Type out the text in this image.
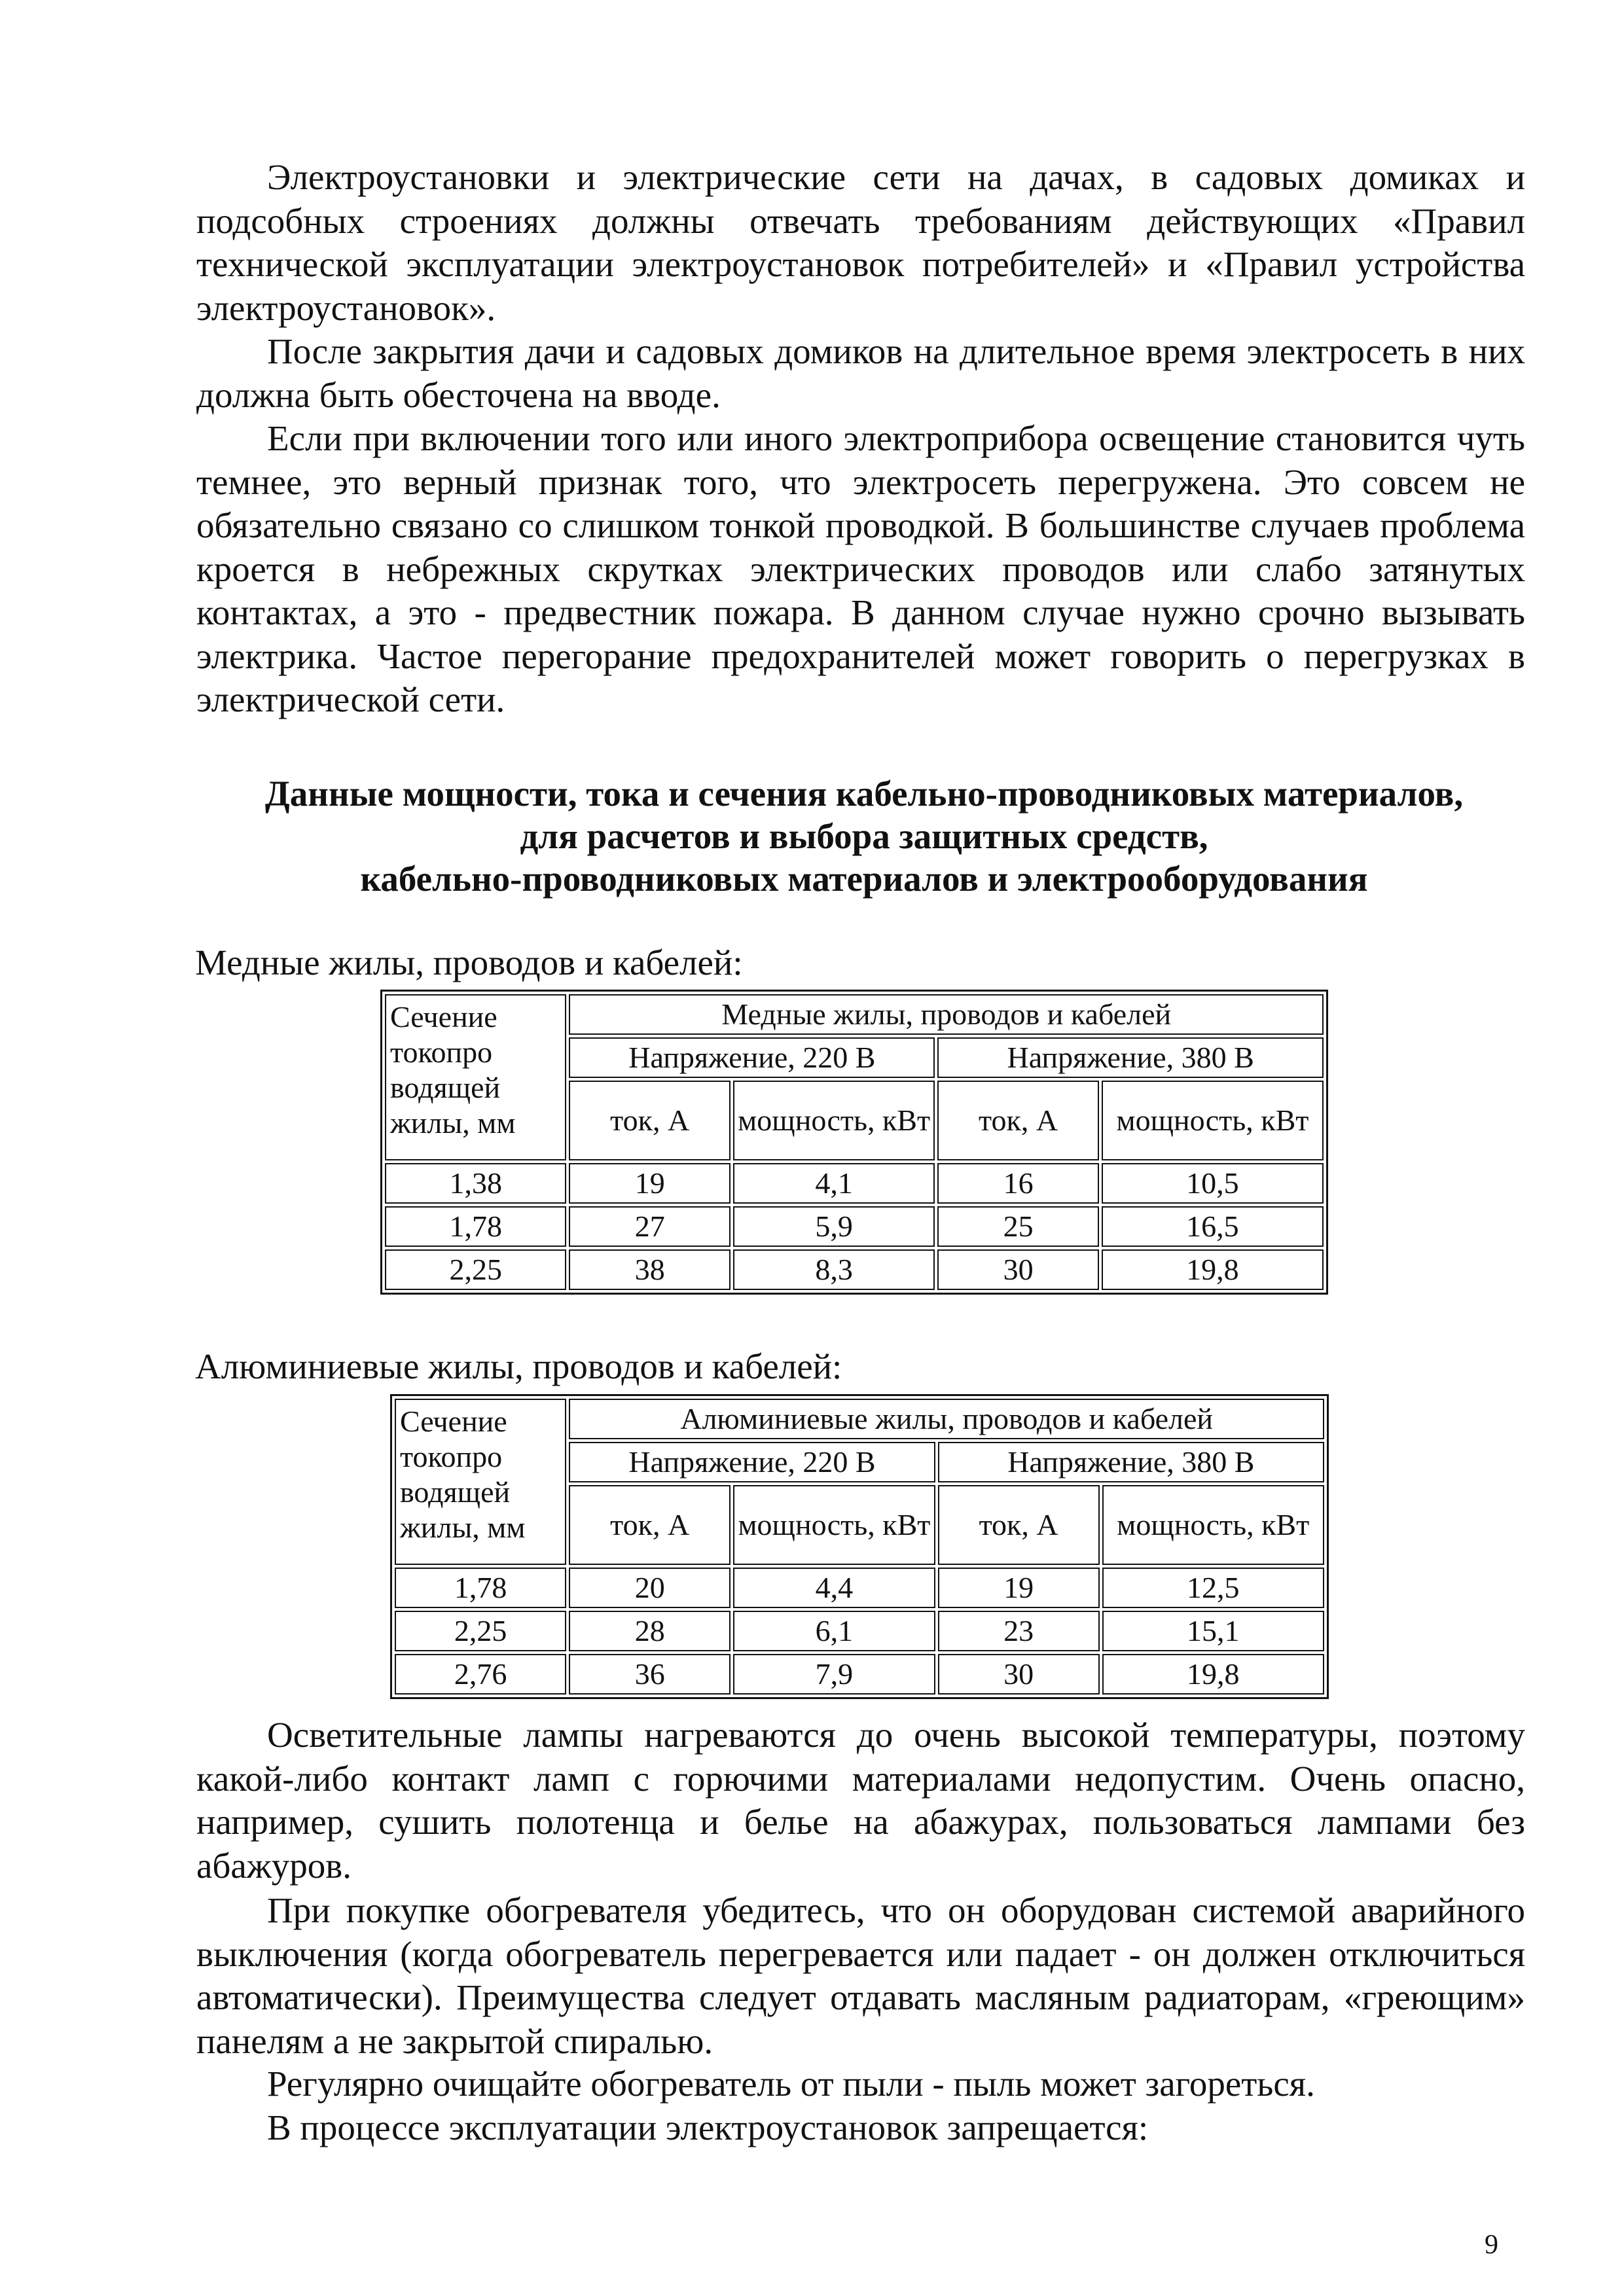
Электроустановки и электрические сети на дачах, в садовых домиках и подсобных строениях должны отвечать требованиям действующих «Правил технической эксплуатации электроустановок потребителей» и «Правил устройства электроустановок».

После закрытия дачи и садовых домиков на длительное время электросеть в них должна быть обесточена на вводе.

Если при включении того или иного электроприбора освещение становится чуть темнее, это верный признак того, что электросеть перегружена. Это совсем не обязательно связано со слишком тонкой проводкой. В большинстве случаев проблема кроется в небрежных скрутках электрических проводов или слабо затянутых контактах, а это - предвестник пожара. В данном случае нужно срочно вызывать электрика. Частое перегорание предохранителей может говорить о перегрузках в электрической сети.

Данные мощности, тока и сечения кабельно-проводниковых материалов,
для расчетов и выбора защитных средств,
кабельно-проводниковых материалов и электрооборудования

Медные жилы, проводов и кабелей:

Сечение токопро водящей жилы, мм	Медные жилы, проводов и кабелей			
	Напряжение, 220 В		Напряжение, 380 В	
	ток, А	мощность, кВт	ток, А	мощность, кВт
1,38	19	4,1	16	10,5
1,78	27	5,9	25	16,5
2,25	38	8,3	30	19,8

Алюминиевые жилы, проводов и кабелей:

Сечение токопро водящей жилы, мм	Алюминиевые жилы, проводов и кабелей			
	Напряжение, 220 В		Напряжение, 380 В	
	ток, А	мощность, кВт	ток, А	мощность, кВт
1,78	20	4,4	19	12,5
2,25	28	6,1	23	15,1
2,76	36	7,9	30	19,8

Осветительные лампы нагреваются до очень высокой температуры, поэтому какой-либо контакт ламп с горючими материалами недопустим. Очень опасно, например, сушить полотенца и белье на абажурах, пользоваться лампами без абажуров.

При покупке обогревателя убедитесь, что он оборудован системой аварийного выключения (когда обогреватель перегревается или падает - он должен отключиться автоматически). Преимущества следует отдавать масляным радиаторам, «греющим» панелям а не закрытой спиралью.

Регулярно очищайте обогреватель от пыли - пыль может загореться.

В процессе эксплуатации электроустановок запрещается:

9
